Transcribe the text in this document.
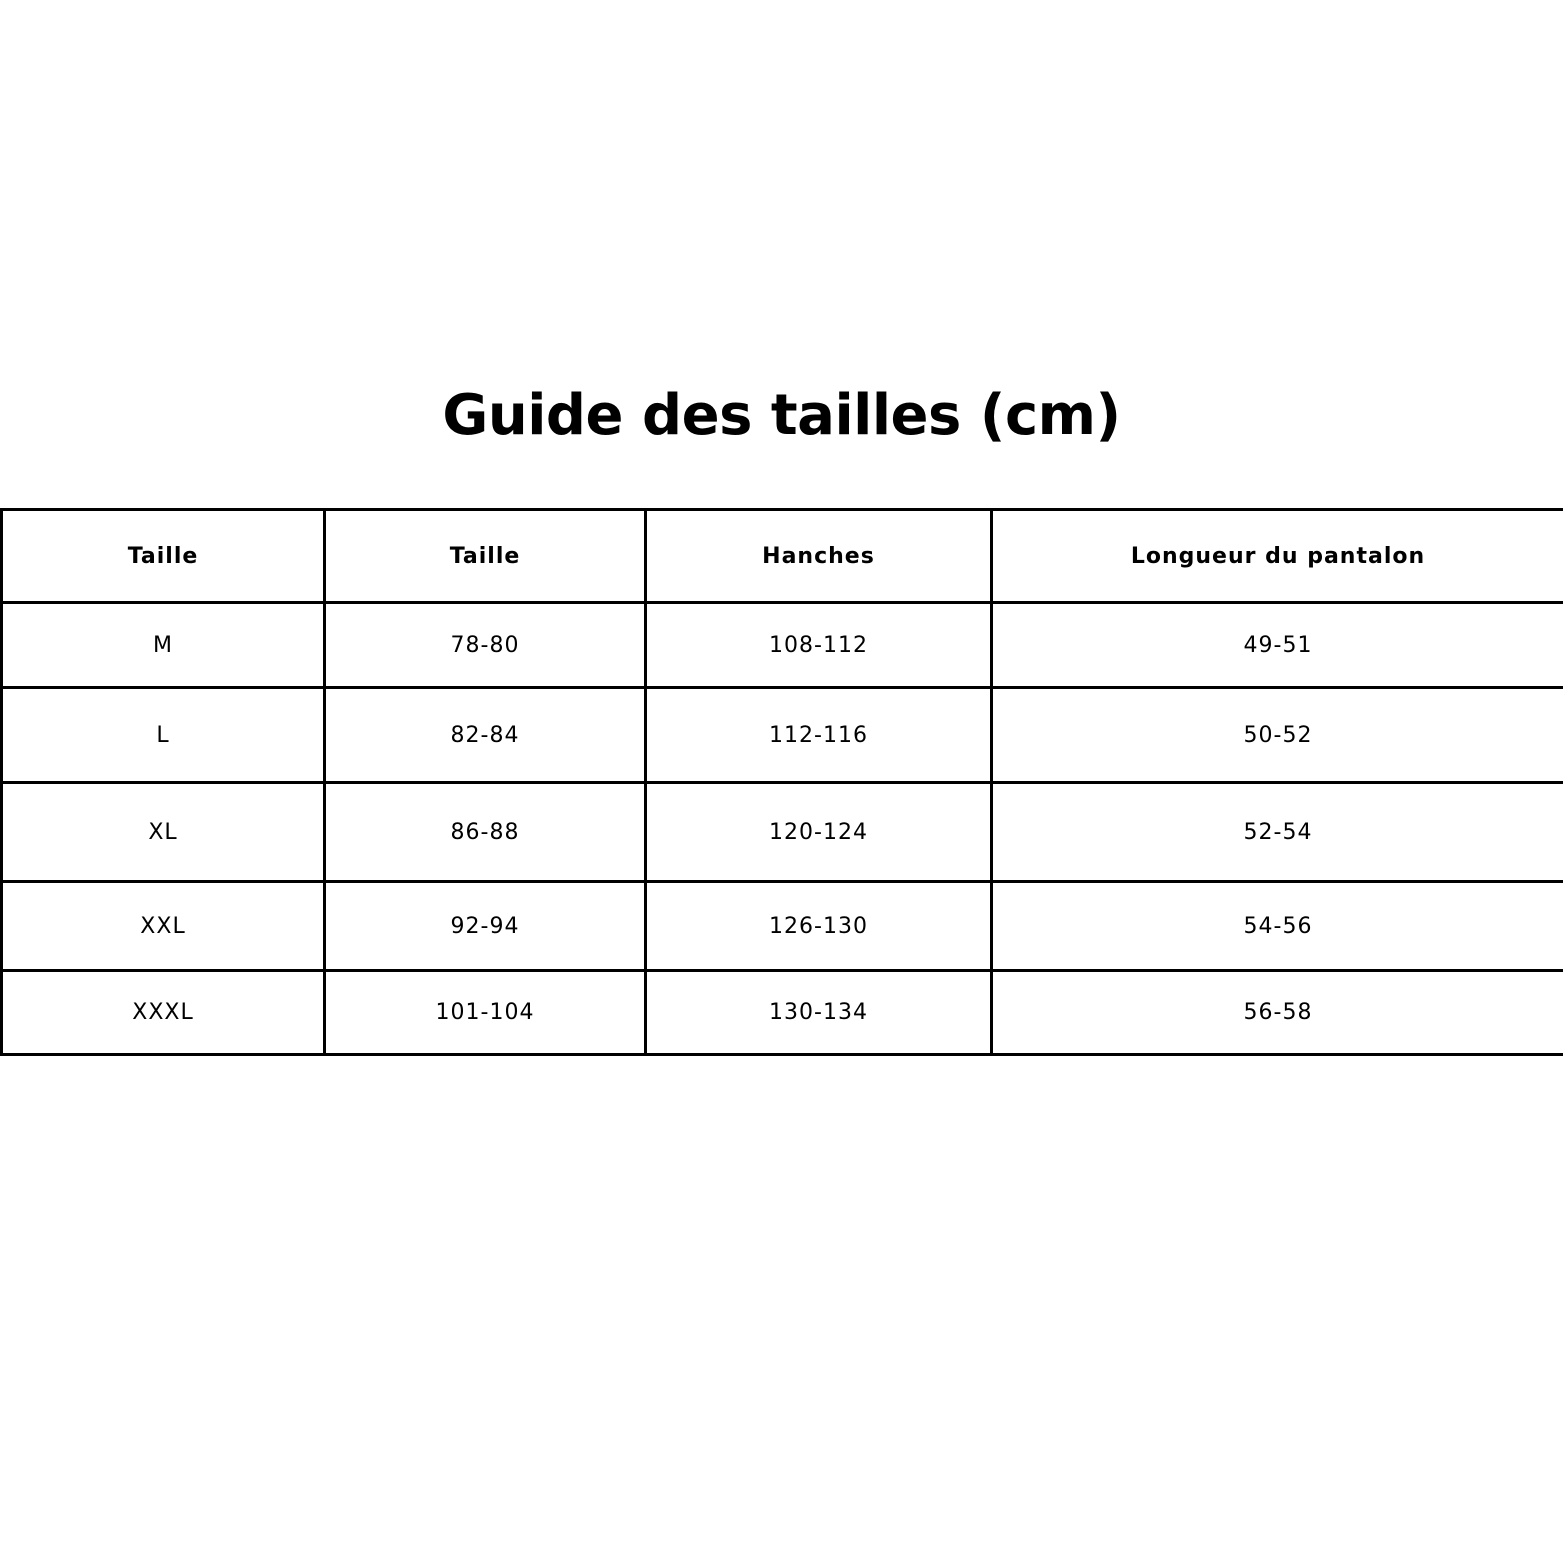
Guide des tailles (cm)
Taille	Taille	Hanches	Longueur du pantalon
M	78-80	108-112	49-51
L	82-84	112-116	50-52
XL	86-88	120-124	52-54
XXL	92-94	126-130	54-56
XXXL	101-104	130-134	56-58
